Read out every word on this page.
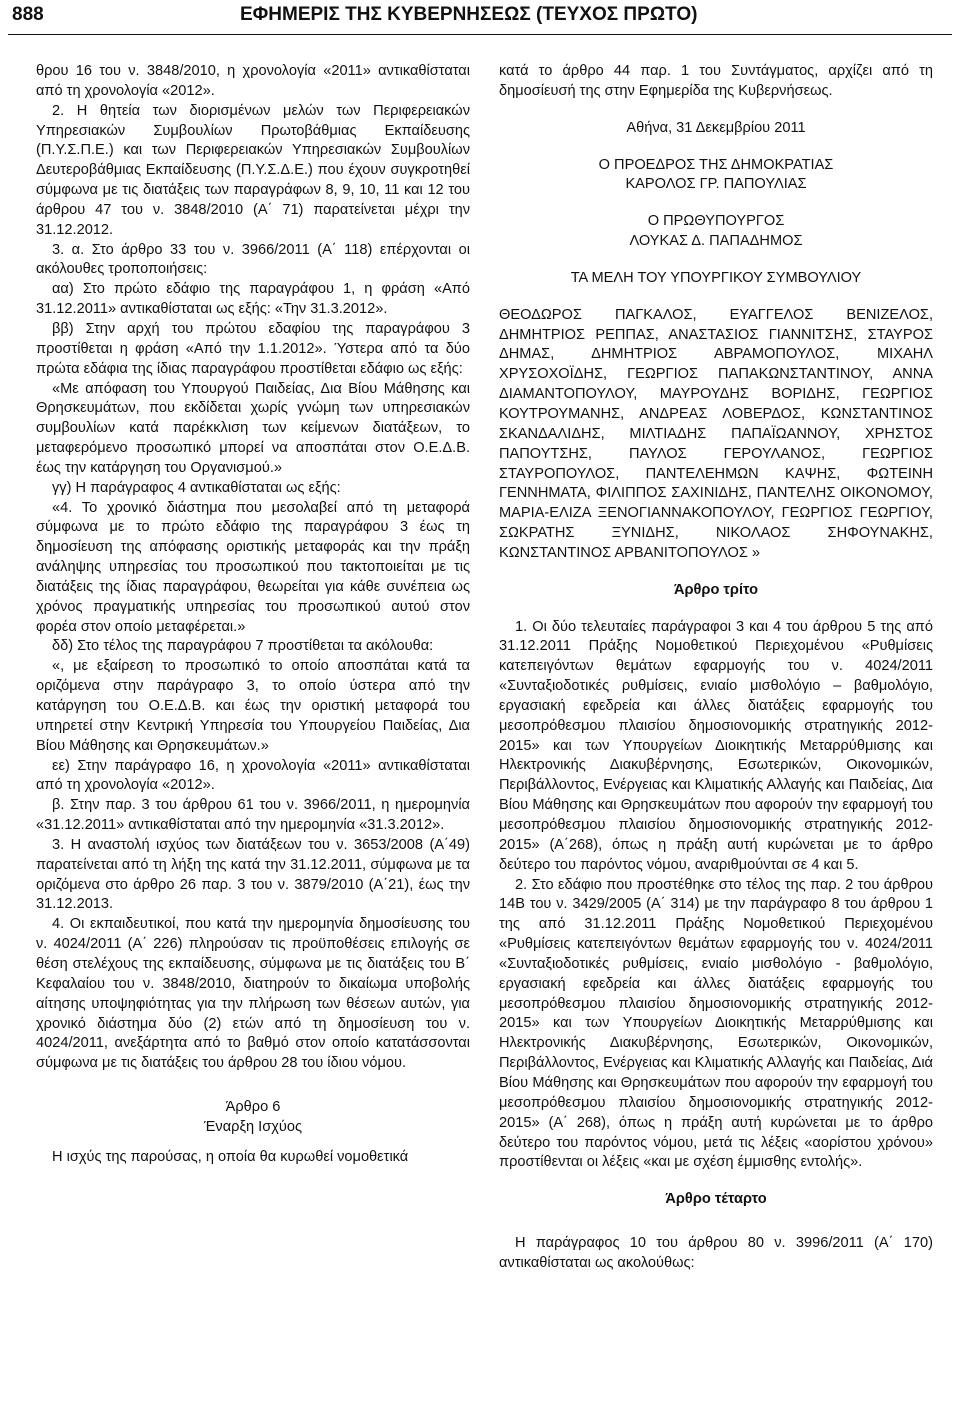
888	ΕΦΗΜΕΡΙΣ ΤΗΣ ΚΥΒΕΡΝΗΣΕΩΣ (ΤΕΥΧΟΣ ΠΡΩΤΟ)

θρου 16 του ν. 3848/2010, η χρονολογία «2011» αντικαθίσταται από τη χρονολογία «2012».

2. Η θητεία των διορισμένων μελών των Περιφερειακών Υπηρεσιακών Συμβουλίων Πρωτοβάθμιας Εκπαίδευσης (Π.Υ.Σ.Π.Ε.) και των Περιφερειακών Υπηρεσιακών Συμβουλίων Δευτεροβάθμιας Εκπαίδευσης (Π.Υ.Σ.Δ.Ε.) που έχουν συγκροτηθεί σύμφωνα με τις διατάξεις των παραγράφων 8, 9, 10, 11 και 12 του άρθρου 47 του ν. 3848/2010 (Α΄ 71) παρατείνεται μέχρι την 31.12.2012.

3. α. Στο άρθρο 33 του ν. 3966/2011 (Α΄ 118) επέρχονται οι ακόλουθες τροποποιήσεις:

αα) Στο πρώτο εδάφιο της παραγράφου 1, η φράση «Από 31.12.2011» αντικαθίσταται ως εξής: «Την 31.3.2012».

ββ) Στην αρχή του πρώτου εδαφίου της παραγράφου 3 προστίθεται η φράση «Από την 1.1.2012». Ύστερα από τα δύο πρώτα εδάφια της ίδιας παραγράφου προστίθεται εδάφιο ως εξής:

«Με απόφαση του Υπουργού Παιδείας, Δια Βίου Μάθησης και Θρησκευμάτων, που εκδίδεται χωρίς γνώμη των υπηρεσιακών συμβουλίων κατά παρέκκλιση των κείμενων διατάξεων, το μεταφερόμενο προσωπικό μπορεί να αποσπάται στον Ο.Ε.Δ.Β. έως την κατάργηση του Οργανισμού.»

γγ) Η παράγραφος 4 αντικαθίσταται ως εξής:

«4. Το χρονικό διάστημα που μεσολαβεί από τη μεταφορά σύμφωνα με το πρώτο εδάφιο της παραγράφου 3 έως τη δημοσίευση της απόφασης οριστικής μεταφοράς και την πράξη ανάληψης υπηρεσίας του προσωπικού που τακτοποιείται με τις διατάξεις της ίδιας παραγράφου, θεωρείται για κάθε συνέπεια ως χρόνος πραγματικής υπηρεσίας του προσωπικού αυτού στον φορέα στον οποίο μεταφέρεται.»

δδ) Στο τέλος της παραγράφου 7 προστίθεται τα ακόλουθα:

«, με εξαίρεση το προσωπικό το οποίο αποσπάται κατά τα οριζόμενα στην παράγραφο 3, το οποίο ύστερα από την κατάργηση του Ο.Ε.Δ.Β. και έως την οριστική μεταφορά του υπηρετεί στην Κεντρική Υπηρεσία του Υπουργείου Παιδείας, Δια Βίου Μάθησης και Θρησκευμάτων.»

εε) Στην παράγραφο 16, η χρονολογία «2011» αντικαθίσταται από τη χρονολογία «2012».

β. Στην παρ. 3 του άρθρου 61 του ν. 3966/2011, η ημερομηνία «31.12.2011» αντικαθίσταται από την ημερομηνία «31.3.2012».

3. Η αναστολή ισχύος των διατάξεων του ν. 3653/2008 (Α΄49) παρατείνεται από τη λήξη της κατά την 31.12.2011, σύμφωνα με τα οριζόμενα στο άρθρο 26 παρ. 3 του ν. 3879/2010 (Α΄21), έως την 31.12.2013.

4. Οι εκπαιδευτικοί, που κατά την ημερομηνία δημοσίευσης του ν. 4024/2011 (Α΄ 226) πληρούσαν τις προϋποθέσεις επιλογής σε θέση στελέχους της εκπαίδευσης, σύμφωνα με τις διατάξεις του Β΄ Κεφαλαίου του ν. 3848/2010, διατηρούν το δικαίωμα υποβολής αίτησης υποψηφιότητας για την πλήρωση των θέσεων αυτών, για χρονικό διάστημα δύο (2) ετών από τη δημοσίευση του ν. 4024/2011, ανεξάρτητα από το βαθμό στον οποίο κατατάσσονται σύμφωνα με τις διατάξεις του άρθρου 28 του ίδιου νόμου.

Άρθρο 6

Έναρξη Ισχύος

Η ισχύς της παρούσας, η οποία θα κυρωθεί νομοθετικά

κατά το άρθρο 44 παρ. 1 του Συντάγματος, αρχίζει από τη δημοσίευσή της στην Εφημερίδα της Κυβερνήσεως.

Αθήνα, 31 Δεκεμβρίου 2011

Ο ΠΡΟΕΔΡΟΣ ΤΗΣ ΔΗΜΟΚΡΑΤΙΑΣ

ΚΑΡΟΛΟΣ ΓΡ. ΠΑΠΟΥΛΙΑΣ

Ο ΠΡΩΘΥΠΟΥΡΓΟΣ

ΛΟΥΚΑΣ Δ. ΠΑΠΑΔΗΜΟΣ

ΤΑ ΜΕΛΗ ΤΟΥ ΥΠΟΥΡΓΙΚΟΥ ΣΥΜΒΟΥΛΙΟΥ

ΘΕΟΔΩΡΟΣ ΠΑΓΚΑΛΟΣ, ΕΥΑΓΓΕΛΟΣ ΒΕΝΙΖΕΛΟΣ, ΔΗΜΗΤΡΙΟΣ ΡΕΠΠΑΣ, ΑΝΑΣΤΑΣΙΟΣ ΓΙΑΝΝΙΤΣΗΣ, ΣΤΑΥΡΟΣ ΔΗΜΑΣ, ΔΗΜΗΤΡΙΟΣ ΑΒΡΑΜΟΠΟΥΛΟΣ, ΜΙΧΑΗΛ ΧΡΥΣΟΧΟΪΔΗΣ, ΓΕΩΡΓΙΟΣ ΠΑΠΑΚΩΝΣΤΑΝΤΙΝΟΥ, ΑΝΝΑ ΔΙΑΜΑΝΤΟΠΟΥΛΟΥ, ΜΑΥΡΟΥΔΗΣ ΒΟΡΙΔΗΣ, ΓΕΩΡΓΙΟΣ ΚΟΥΤΡΟΥΜΑΝΗΣ, ΑΝΔΡΕΑΣ ΛΟΒΕΡΔΟΣ, ΚΩΝΣΤΑΝΤΙΝΟΣ ΣΚΑΝΔΑΛΙΔΗΣ, ΜΙΛΤΙΑΔΗΣ ΠΑΠΑΪΩΑΝΝΟΥ, ΧΡΗΣΤΟΣ ΠΑΠΟΥΤΣΗΣ, ΠΑΥΛΟΣ ΓΕΡΟΥΛΑΝΟΣ, ΓΕΩΡΓΙΟΣ ΣΤΑΥΡΟΠΟΥΛΟΣ, ΠΑΝΤΕΛΕΗΜΩΝ ΚΑΨΗΣ, ΦΩΤΕΙΝΗ ΓΕΝΝΗΜΑΤΑ, ΦΙΛΙΠΠΟΣ ΣΑΧΙΝΙΔΗΣ, ΠΑΝΤΕΛΗΣ ΟΙΚΟΝΟΜΟΥ, ΜΑΡΙΑ-ΕΛΙΖΑ ΞΕΝΟΓΙΑΝΝΑΚΟΠΟΥΛΟΥ, ΓΕΩΡΓΙΟΣ ΓΕΩΡΓΙΟΥ, ΣΩΚΡΑΤΗΣ ΞΥΝΙΔΗΣ, ΝΙΚΟΛΑΟΣ ΣΗΦΟΥΝΑΚΗΣ, ΚΩΝΣΤΑΝΤΙΝΟΣ ΑΡΒΑΝΙΤΟΠΟΥΛΟΣ »

Άρθρο τρίτο

1. Οι δύο τελευταίες παράγραφοι 3 και 4 του άρθρου 5 της από 31.12.2011 Πράξης Νομοθετικού Περιεχομένου «Ρυθμίσεις κατεπειγόντων θεμάτων εφαρμογής του ν. 4024/2011 «Συνταξιοδοτικές ρυθμίσεις, ενιαίο μισθολόγιο – βαθμολόγιο, εργασιακή εφεδρεία και άλλες διατάξεις εφαρμογής του μεσοπρόθεσμου πλαισίου δημοσιονομικής στρατηγικής 2012-2015» και των Υπουργείων Διοικητικής Μεταρρύθμισης και Ηλεκτρονικής Διακυβέρνησης, Εσωτερικών, Οικονομικών, Περιβάλλοντος, Ενέργειας και Κλιματικής Αλλαγής και Παιδείας, Δια Βίου Μάθησης και Θρησκευμάτων που αφορούν την εφαρμογή του μεσοπρόθεσμου πλαισίου δημοσιονομικής στρατηγικής 2012-2015» (Α΄268), όπως η πράξη αυτή κυρώνεται με το άρθρο δεύτερο του παρόντος νόμου, αναριθμούνται σε 4 και 5.

2. Στο εδάφιο που προστέθηκε στο τέλος της παρ. 2 του άρθρου 14Β του ν. 3429/2005 (Α΄ 314) με την παράγραφο 8 του άρθρου 1 της από 31.12.2011 Πράξης Νομοθετικού Περιεχομένου «Ρυθμίσεις κατεπειγόντων θεμάτων εφαρμογής του ν. 4024/2011 «Συνταξιοδοτικές ρυθμίσεις, ενιαίο μισθολόγιο - βαθμολόγιο, εργασιακή εφεδρεία και άλλες διατάξεις εφαρμογής του μεσοπρόθεσμου πλαισίου δημοσιονομικής στρατηγικής 2012-2015» και των Υπουργείων Διοικητικής Μεταρρύθμισης και Ηλεκτρονικής Διακυβέρνησης, Εσωτερικών, Οικονομικών, Περιβάλλοντος, Ενέργειας και Κλιματικής Αλλαγής και Παιδείας, Διά Βίου Μάθησης και Θρησκευμάτων που αφορούν την εφαρμογή του μεσοπρόθεσμου πλαισίου δημοσιονομικής στρατηγικής 2012-2015» (Α΄ 268), όπως η πράξη αυτή κυρώνεται με το άρθρο δεύτερο του παρόντος νόμου, μετά τις λέξεις «αορίστου χρόνου» προστίθενται οι λέξεις «και με σχέση έμμισθης εντολής».

Άρθρο τέταρτο

Η παράγραφος 10 του άρθρου 80 ν. 3996/2011 (Α΄ 170) αντικαθίσταται ως ακολούθως:
